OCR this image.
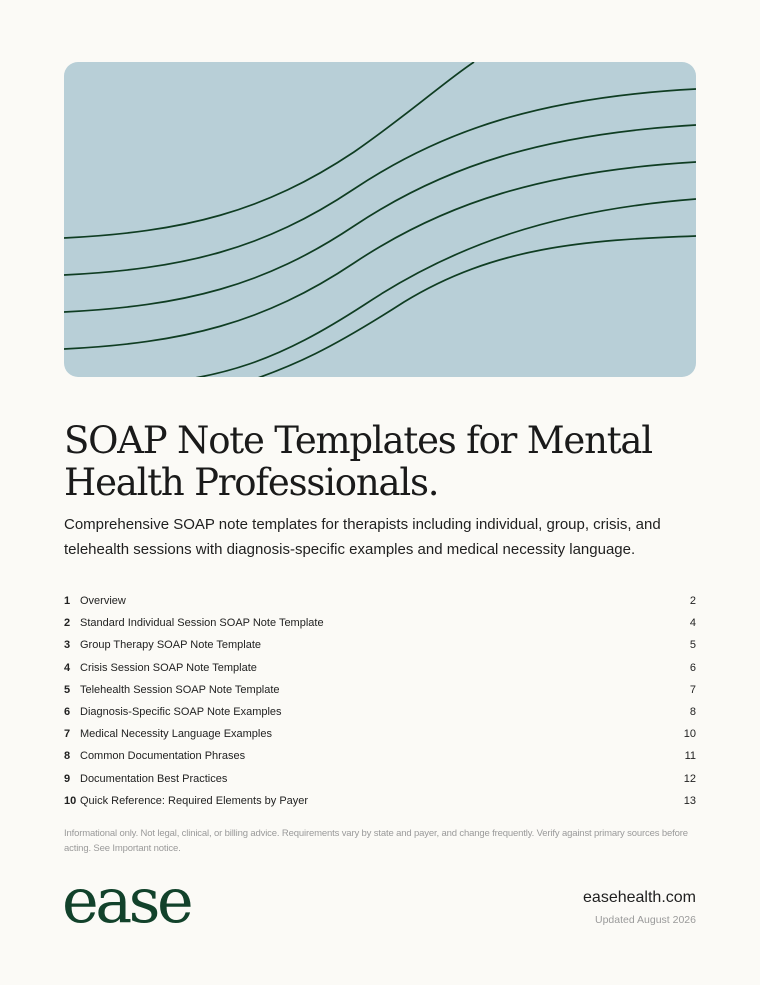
SOAP Note Templates for Mental Health Professionals.

Comprehensive SOAP note templates for therapists including individual, group, crisis, and telehealth sessions with diagnosis-specific examples and medical necessity language.

1 Overview	2
2 Standard Individual Session SOAP Note Template	4
3 Group Therapy SOAP Note Template	5
4 Crisis Session SOAP Note Template	6
5 Telehealth Session SOAP Note Template	7
6 Diagnosis-Specific SOAP Note Examples	8
7 Medical Necessity Language Examples	10
8 Common Documentation Phrases	11
9 Documentation Best Practices	12
10 Quick Reference: Required Elements by Payer	13

Informational only. Not legal, clinical, or billing advice. Requirements vary by state and payer, and change frequently. Verify against primary sources before acting. See Important notice.

ease	easehealth.com
Updated August 2026
